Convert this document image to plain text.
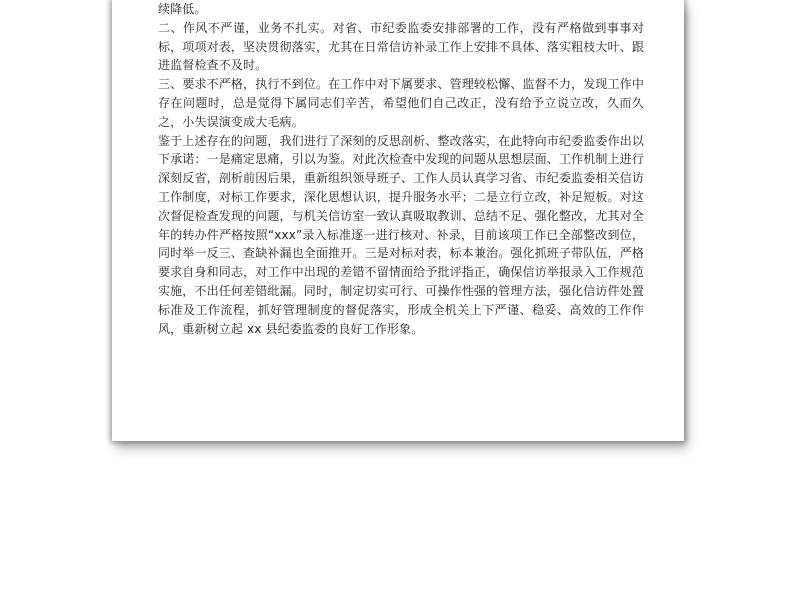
续降低。

二、作风不严谨，业务不扎实。对省、市纪委监委安排部署的工作，没有严格做到事事对标，项项对表，坚决贯彻落实，尤其在日常信访补录工作上安排不具体、落实粗枝大叶、跟进监督检查不及时。

三、要求不严格，执行不到位。在工作中对下属要求、管理较松懈、监督不力，发现工作中存在问题时，总是觉得下属同志们辛苦，希望他们自己改正，没有给予立说立改，久而久之，小失误演变成大毛病。

鉴于上述存在的问题，我们进行了深刻的反思剖析、整改落实，在此特向市纪委监委作出以下承诺：一是痛定思痛，引以为鉴。对此次检查中发现的问题从思想层面、工作机制上进行深刻反省，剖析前因后果，重新组织领导班子、工作人员认真学习省、市纪委监委相关信访工作制度，对标工作要求，深化思想认识，提升服务水平；二是立行立改，补足短板。对这次督促检查发现的问题，与机关信访室一致认真吸取教训、总结不足、强化整改，尤其对全年的转办件严格按照“xxx”录入标准逐一进行核对、补录，目前该项工作已全部整改到位，同时举一反三、查缺补漏也全面推开。三是对标对表，标本兼治。强化抓班子带队伍，严格要求自身和同志，对工作中出现的差错不留情面给予批评指正，确保信访举报录入工作规范实施，不出任何差错纰漏。同时，制定切实可行、可操作性强的管理方法，强化信访件处置标准及工作流程，抓好管理制度的督促落实，形成全机关上下严谨、稳妥、高效的工作作风，重新树立起 xx 县纪委监委的良好工作形象。
